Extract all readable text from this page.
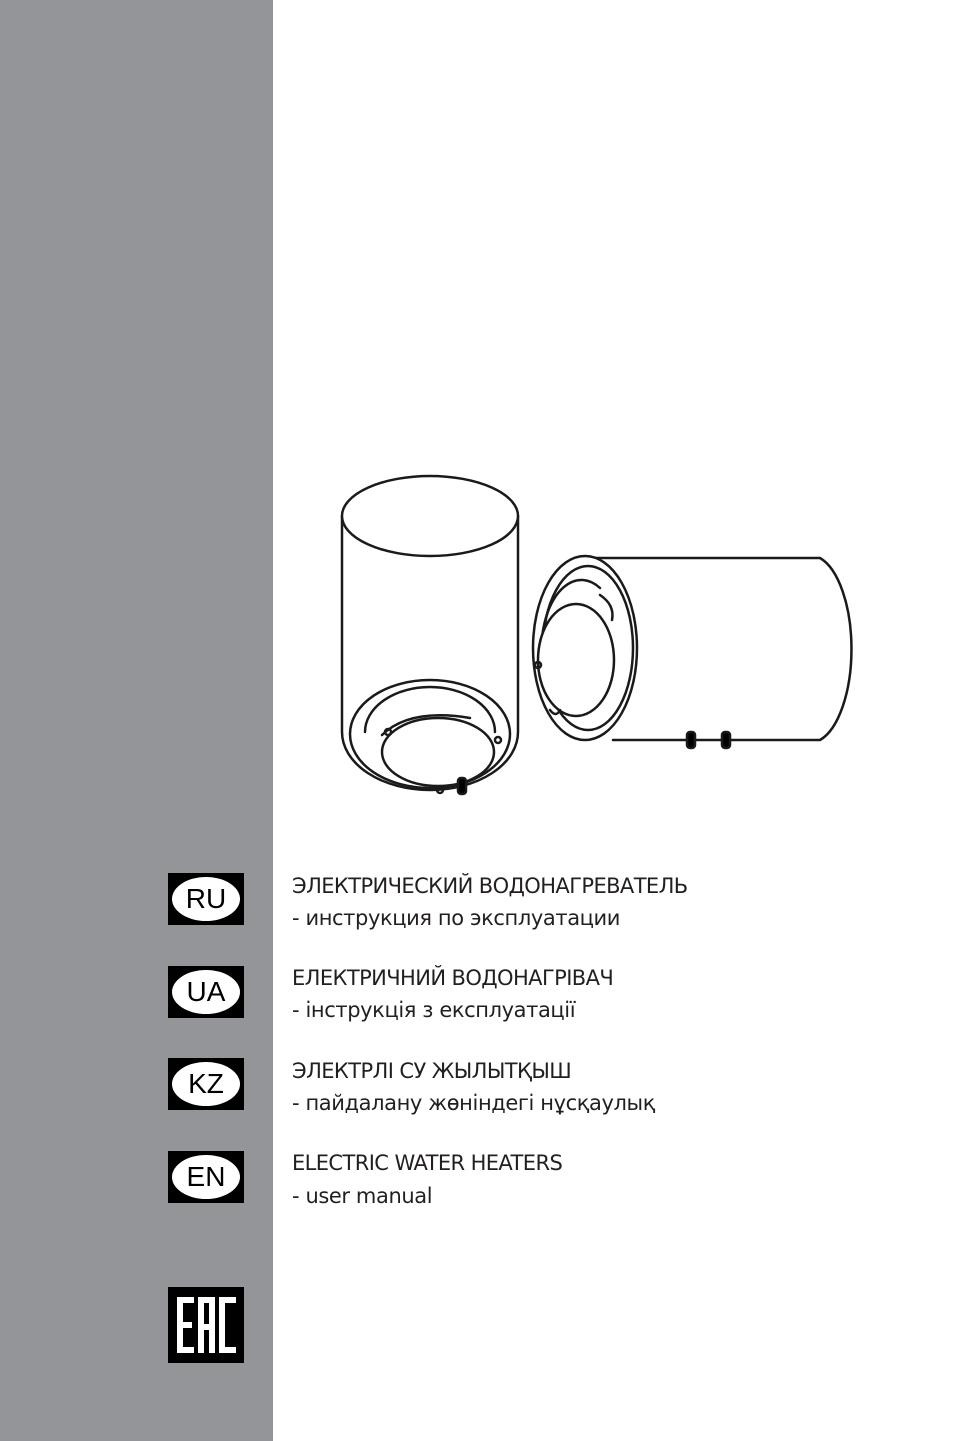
RU	ЭЛЕКТРИЧЕСКИЙ ВОДОНАГРЕВАТЕЛЬ
- инструкция по эксплуатации
UA	ЕЛЕКТРИЧНИЙ ВОДОНАГРІВАЧ
- інструкція з експлуатації
KZ	ЭЛЕКТРЛІ СУ ЖЫЛЫТҚЫШ
- пайдалану жөніндегі нұсқаулық
EN	ELECTRIC WATER HEATERS
- user manual
